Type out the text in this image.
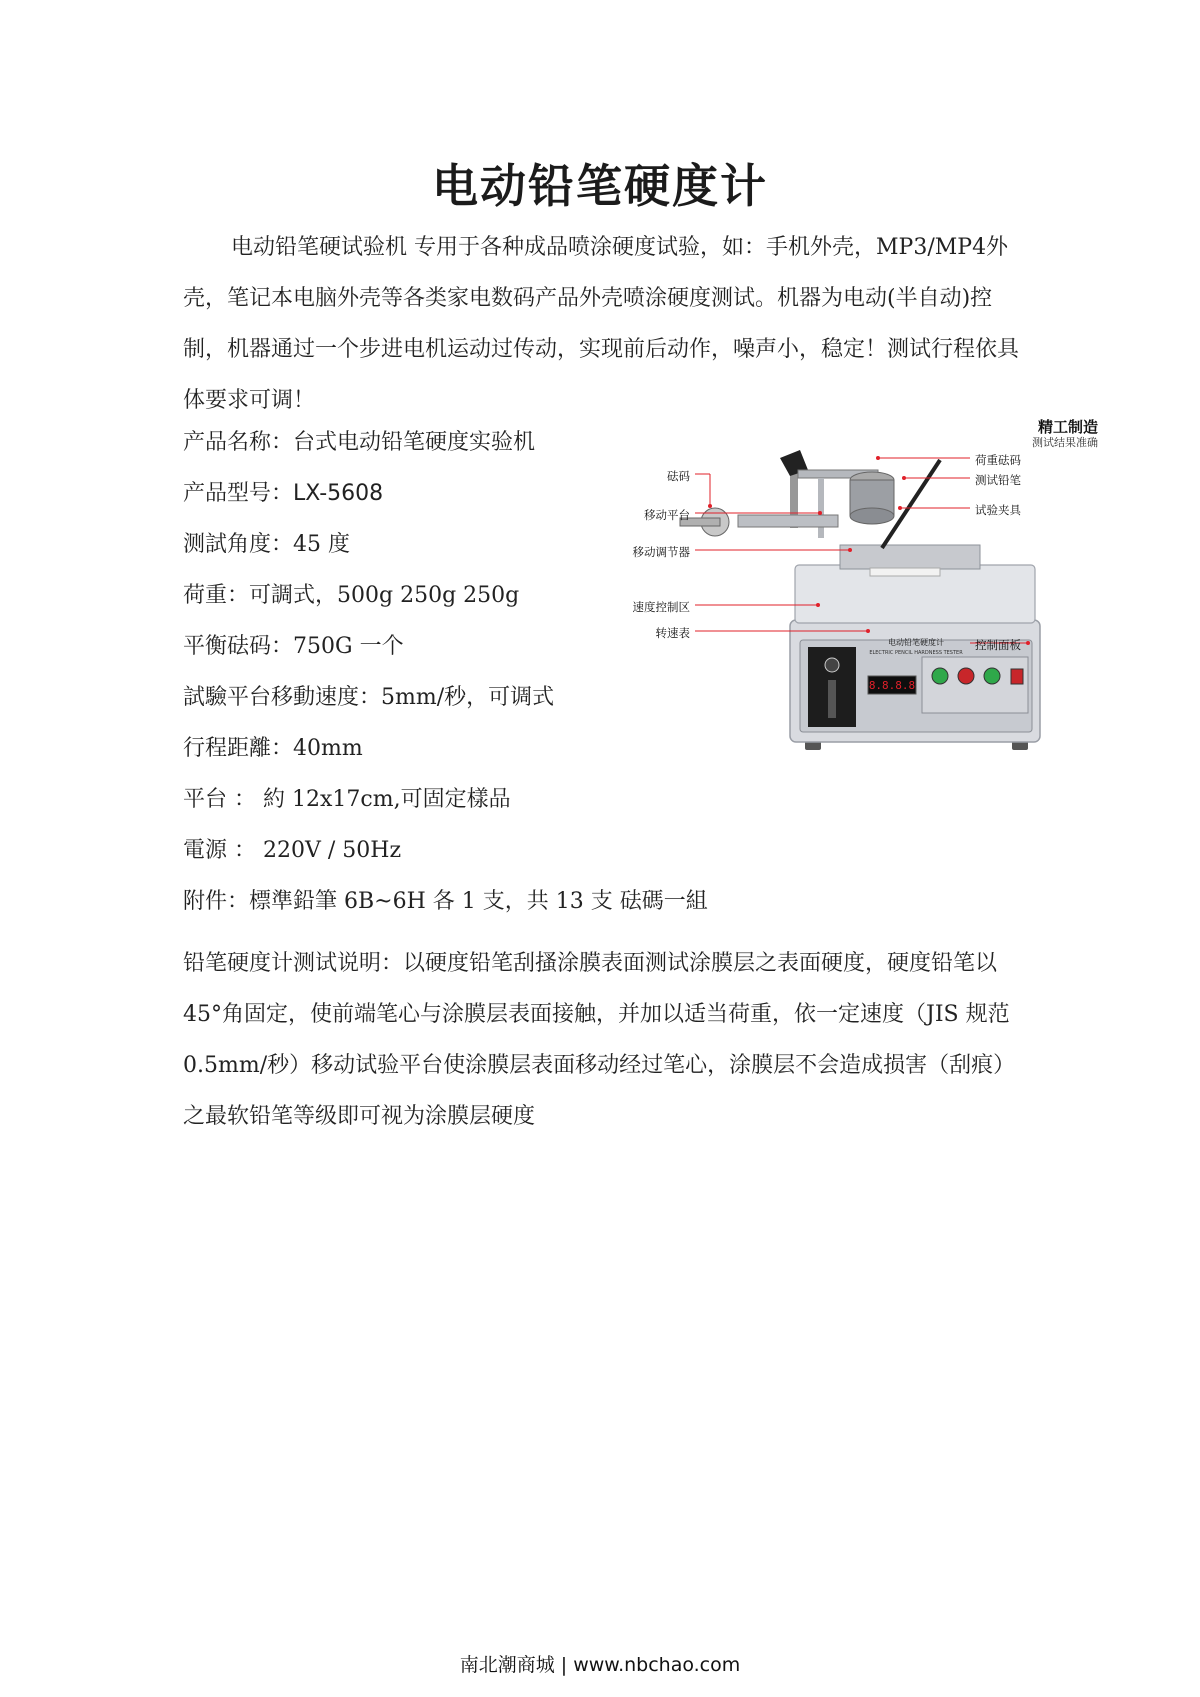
电动铅笔硬度计

电动铅笔硬试验机 专用于各种成品喷涂硬度试验，如：手机外壳，MP3/MP4外壳，笔记本电脑外壳等各类家电数码产品外壳喷涂硬度测试。机器为电动(半自动)控制，机器通过一个步进电机运动过传动，实现前后动作，噪声小，稳定！测试行程依具体要求可调！

产品名称：台式电动铅笔硬度实验机
产品型号：LX-5608
测試角度：45 度
荷重：可調式，500g 250g 250g
平衡砝码：750G 一个
試驗平台移動速度：5mm/秒，可调式
行程距離：40mm
平台 ： 約 12x17cm,可固定樣品
電源 ： 220V / 50Hz
附件：標準鉛筆 6B~6H 各 1 支，共 13 支 砝碼一組

铅笔硬度计测试说明：以硬度铅笔刮搔涂膜表面测试涂膜层之表面硬度，硬度铅笔以 45°角固定，使前端笔心与涂膜层表面接触，并加以适当荷重，依一定速度（JIS 规范 0.5mm/秒）移动试验平台使涂膜层表面移动经过笔心，涂膜层不会造成损害（刮痕）之最软铅笔等级即可视为涂膜层硬度

8.8.8.8
电动铅笔硬度计
ELECTRIC PENCIL HARDNESS TESTER
精工制造
测试结果准确
砝码
移动平台
移动调节器
速度控制区
转速表
荷重砝码
测试铅笔
试验夹具
控制面板
南北潮商城 | www.nbchao.com
